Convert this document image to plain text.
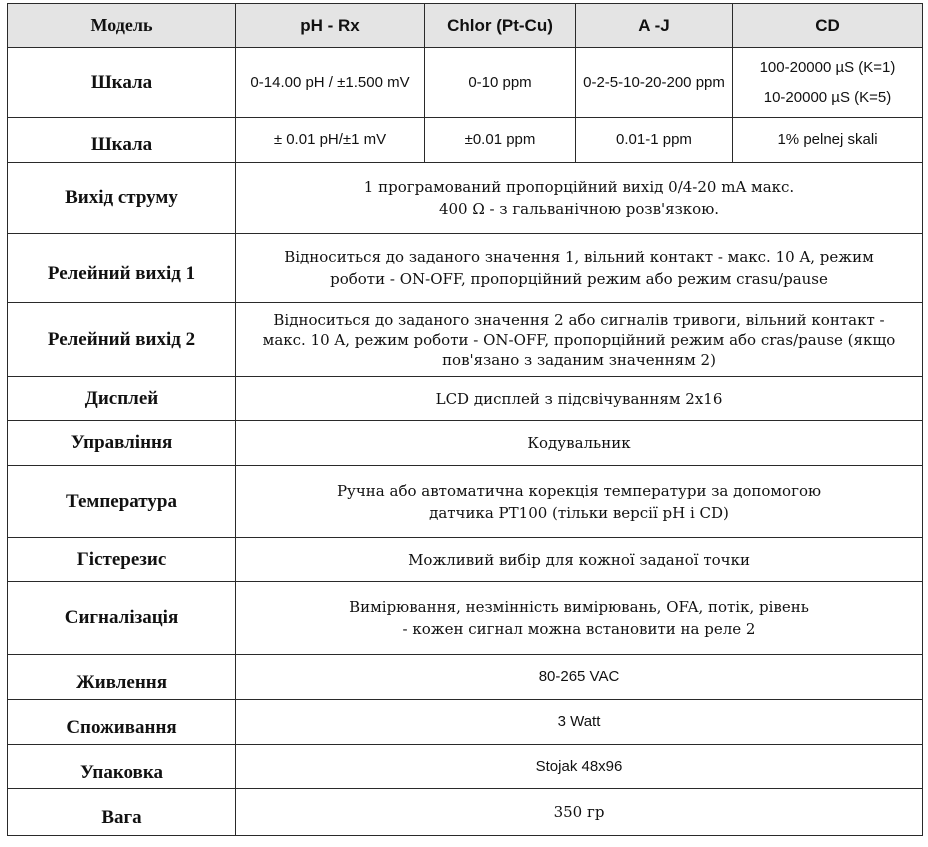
Модель	pH - Rx	Chlor (Pt-Cu)	A -J	CD
Шкала	0-14.00 pH / ±1.500 mV	0-10 ppm	0-2-5-10-20-200 ppm	100-20000 µS (K=1)
10-20000 µS (K=5)

Шкала	± 0.01 pH/±1 mV	±0.01 ppm	0.01-1 ppm	1% pelnej skali
Вихід струму	1 програмований пропорційний вихід 0/4-20 mA макс.
400 Ω - з гальванічною розв'язкою.			

Релейний вихід 1	Відноситься до заданого значення 1, вільний контакт - макс. 10 A, режим
роботи - ON-OFF, пропорційний режим або режим crasu/pause			

Релейний вихід 2	Відноситься до заданого значення 2 або сигналів тривоги, вільний контакт -
макс. 10 A, режим роботи - ON-OFF, пропорційний режим або cras/pause (якщо
пов'язано з заданим значенням 2)			

Дисплей	LCD дисплей з підсвічуванням 2x16			
Управління	Кодувальник			
Температура	Ручна або автоматична корекція температури за допомогою
датчика PT100 (тільки версії pH і CD)			

Гістерезис	Можливий вибір для кожної заданої точки			
Сигналізація	Вимірювання, незмінність вимірювань, OFA, потік, рівень
- кожен сигнал можна встановити на реле 2			

Живлення	80-265 VAC			
Споживання	3 Watt			
Упаковка	Stojak 48x96			
Вага	350 гр			
